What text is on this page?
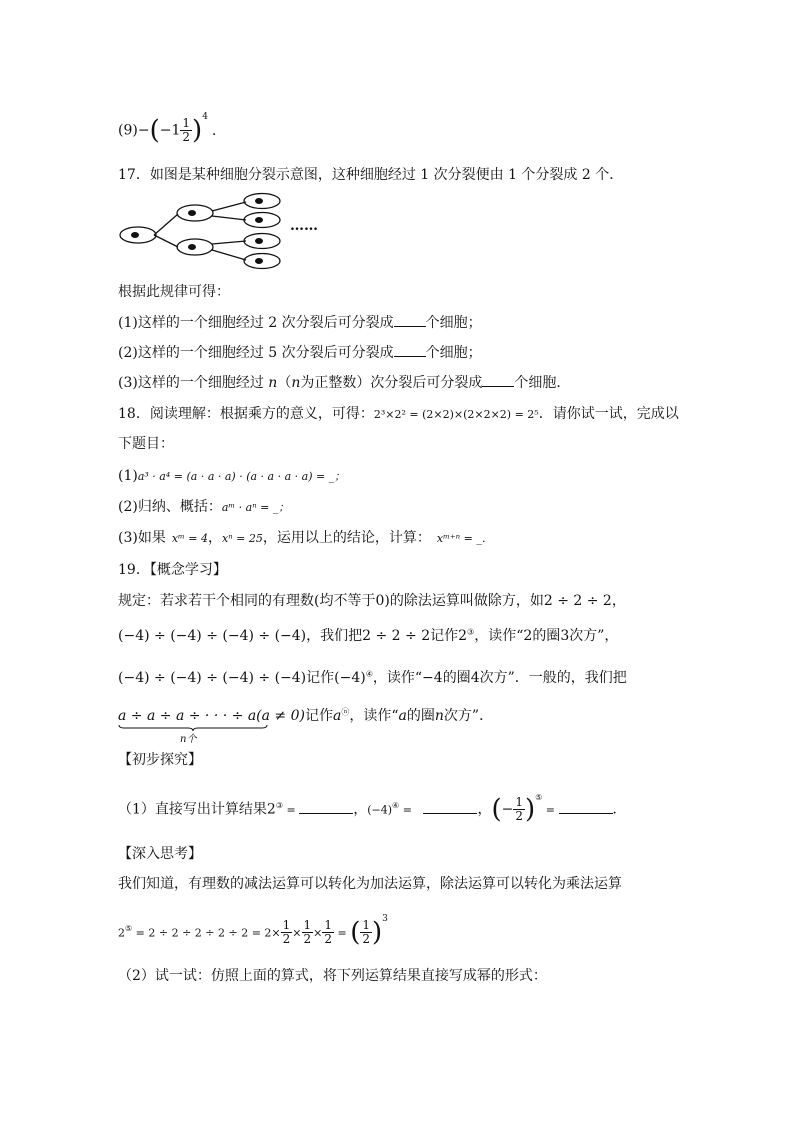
$(9)-(-1 \frac{1}{2} )^4$.
17．如图是某种细胞分裂示意图，这种细胞经过 1 次分裂便由 1 个分裂成 2 个．
……
根据此规律可得：
(1)这样的一个细胞经过 2 次分裂后可分裂成 个细胞；
(2)这样的一个细胞经过 5 次分裂后可分裂成 个细胞；
(3)这样的一个细胞经过 n（n为正整数）次分裂后可分裂成 个细胞．
18．阅读理解：根据乘方的意义，可得：2³×2² = (2×2)×(2×2×2) = 2⁵．请你试一试，完成以
下题目：
(1)a³ · a⁴ = (a · a · a) · (a · a · a · a) = _；
(2)归纳、概括：aᵐ · aⁿ = _；
(3)如果 xᵐ = 4，xⁿ = 25，运用以上的结论，计算： xᵐ⁺ⁿ = _．
19．【概念学习】
规定：若求若干个相同的有理数(均不等于0)的除法运算叫做除方，如2 ÷ 2 ÷ 2，
(−4) ÷ (−4) ÷ (−4) ÷ (−4)，我们把2 ÷ 2 ÷ 2记作2③，读作“2的圈3次方”，
(−4) ÷ (−4) ÷ (−4) ÷ (−4)记作(−4)④，读作“−4的圈4次方”．一般的，我们把
a ÷ a ÷ a ÷ · · · ÷ a(a ≠ 0)
n个
记作aⓝ，读作“a的圈n次方”．
【初步探究】
（1）直接写出计算结果2③ =	，(−4)④ =	，(− $\frac{1}{2} )^⑤$ =	．
【深入思考】
我们知道，有理数的减法运算可以转化为加法运算，除法运算可以转化为乘法运算
$2^⑤ = 2 \div 2 \div 2 \div 2 \div 2 = 2\times \frac{1}{2} \times \frac{1}{2} \times \frac{1}{2}$ = ( $\frac{1}{2} )^3$
（2）试一试：仿照上面的算式，将下列运算结果直接写成幂的形式：
